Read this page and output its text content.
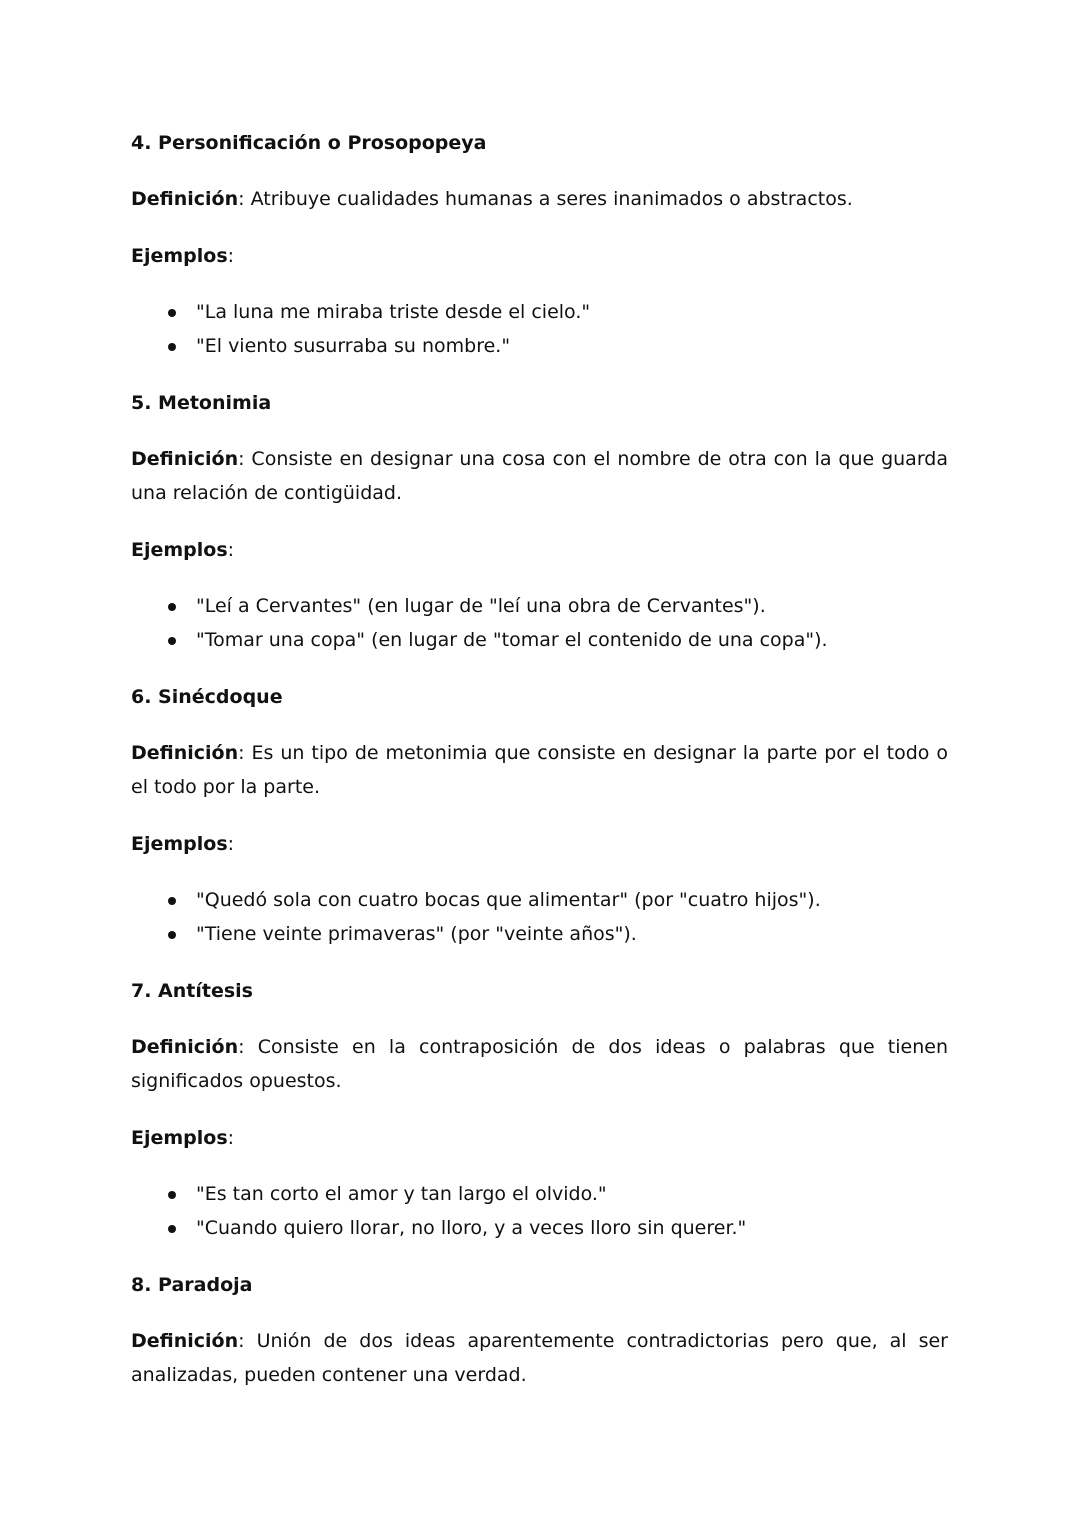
4. Personificación o Prosopopeya

Definición: Atribuye cualidades humanas a seres inanimados o abstractos.

Ejemplos:
"La luna me miraba triste desde el cielo."
"El viento susurraba su nombre."
5. Metonimia

Definición: Consiste en designar una cosa con el nombre de otra con la que guarda una relación de contigüidad.

Ejemplos:
"Leí a Cervantes" (en lugar de "leí una obra de Cervantes").
"Tomar una copa" (en lugar de "tomar el contenido de una copa").
6. Sinécdoque

Definición: Es un tipo de metonimia que consiste en designar la parte por el todo o el todo por la parte.

Ejemplos:
"Quedó sola con cuatro bocas que alimentar" (por "cuatro hijos").
"Tiene veinte primaveras" (por "veinte años").
7. Antítesis

Definición: Consiste en la contraposición de dos ideas o palabras que tienen significados opuestos.

Ejemplos:
"Es tan corto el amor y tan largo el olvido."
"Cuando quiero llorar, no lloro, y a veces lloro sin querer."
8. Paradoja

Definición: Unión de dos ideas aparentemente contradictorias pero que, al ser analizadas, pueden contener una verdad.
